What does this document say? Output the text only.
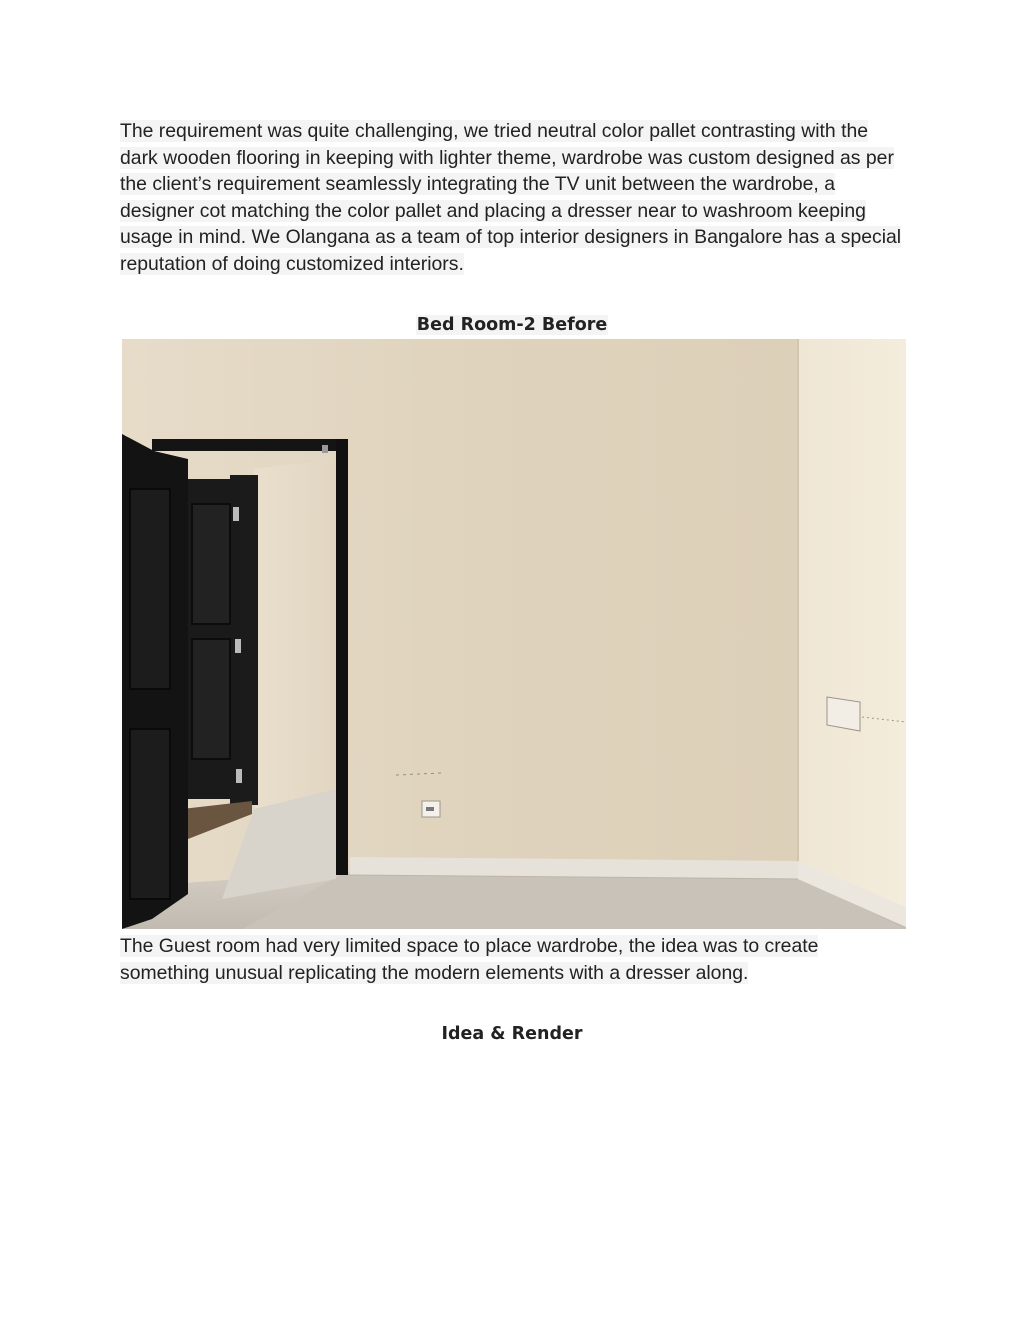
The requirement was quite challenging, we tried neutral color pallet contrasting with the dark wooden flooring in keeping with lighter theme, wardrobe was custom designed as per the client’s requirement seamlessly integrating the TV unit between the wardrobe, a designer cot matching the color pallet and placing a dresser near to washroom keeping usage in mind. We Olangana as a team of top interior designers in Bangalore has a special reputation of doing customized interiors.

Bed Room-2 Before

The Guest room had very limited space to place wardrobe, the idea was to create something unusual replicating the modern elements with a dresser along.

Idea & Render
